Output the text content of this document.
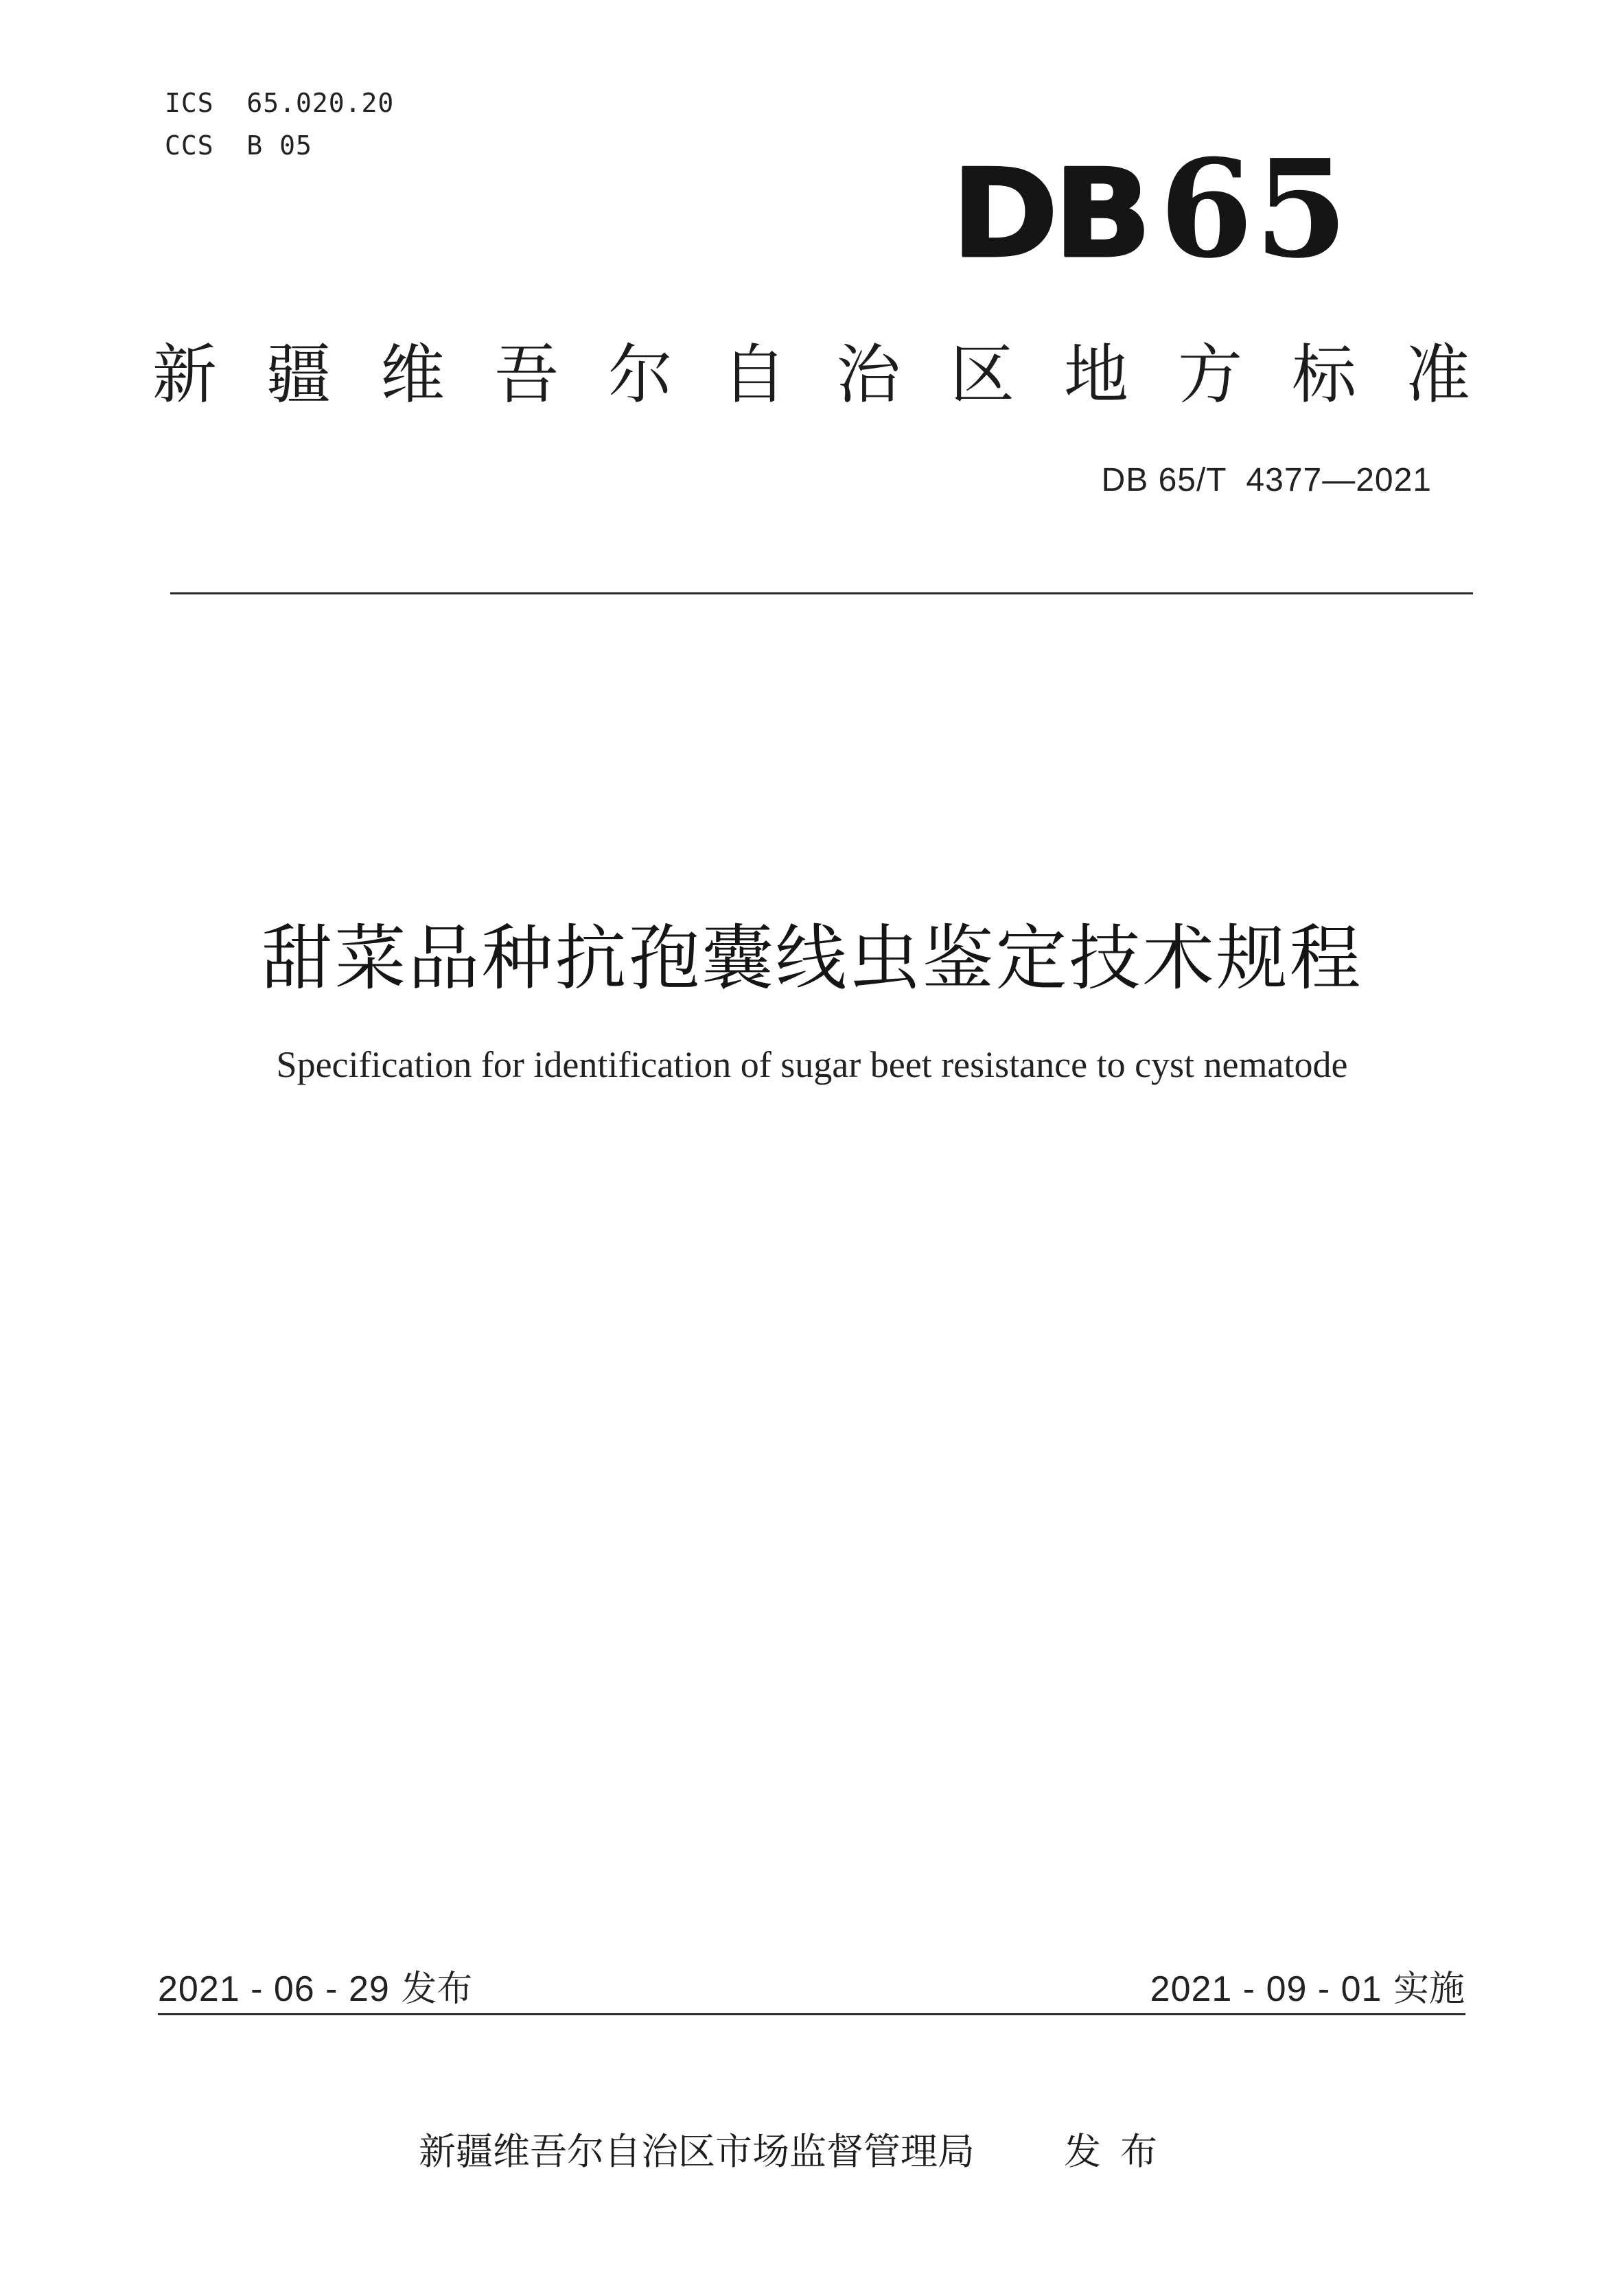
ICS  65.020.20
CCS  B 05	DB65
新疆维吾尔自治区地方标准
DB 65/T  4377—2021
甜菜品种抗孢囊线虫鉴定技术规程
Specification for identification of sugar beet resistance to cyst nematode
2021 - 06 - 29 发布	2021 - 09 - 01 实施
新疆维吾尔自治区市场监督管理局 发布
